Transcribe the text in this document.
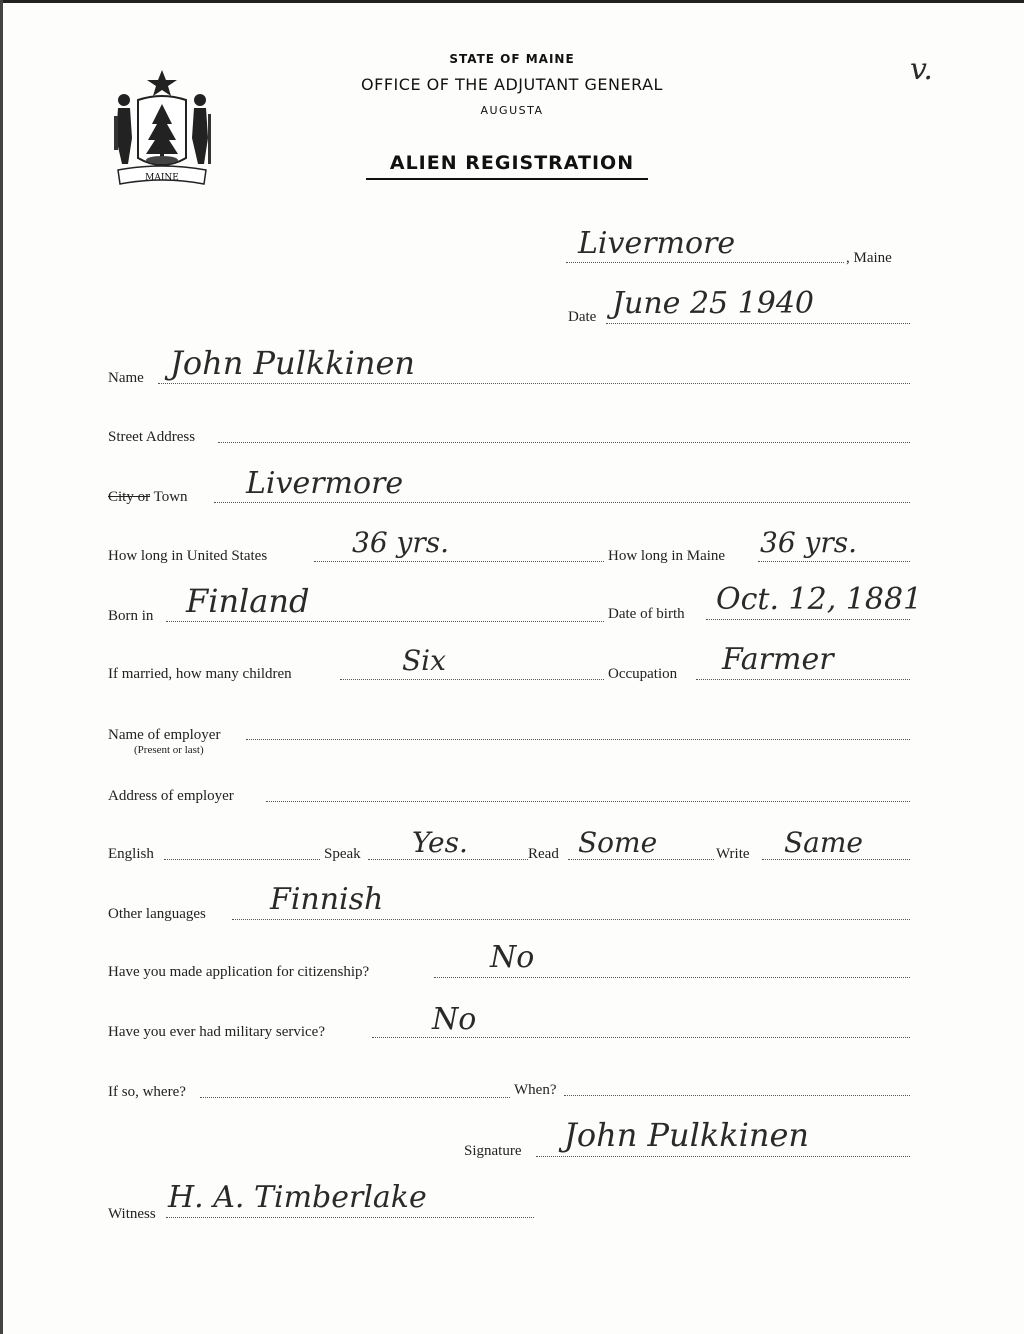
MAINE
v.
STATE OF MAINE
OFFICE OF THE ADJUTANT GENERAL
AUGUSTA
ALIEN REGISTRATION
Livermore	, Maine
Date June 25 1940
Name John Pulkkinen
Street Address
City or Town Livermore
How long in United States	36 yrs.	How long in Maine 36 yrs.
Born in Finland	Date of birth Oct. 12, 1881
If married, how many children	Six	Occupation Farmer
Name of employer
(Present or last)
Address of employer
English	Speak Yes.	Read Some	Write Same
Other languages Finnish
Have you made application for citizenship?	No
Have you ever had military service?	No
If so, where?	When?
Signature John Pulkkinen
Witness H. A. Timberlake
